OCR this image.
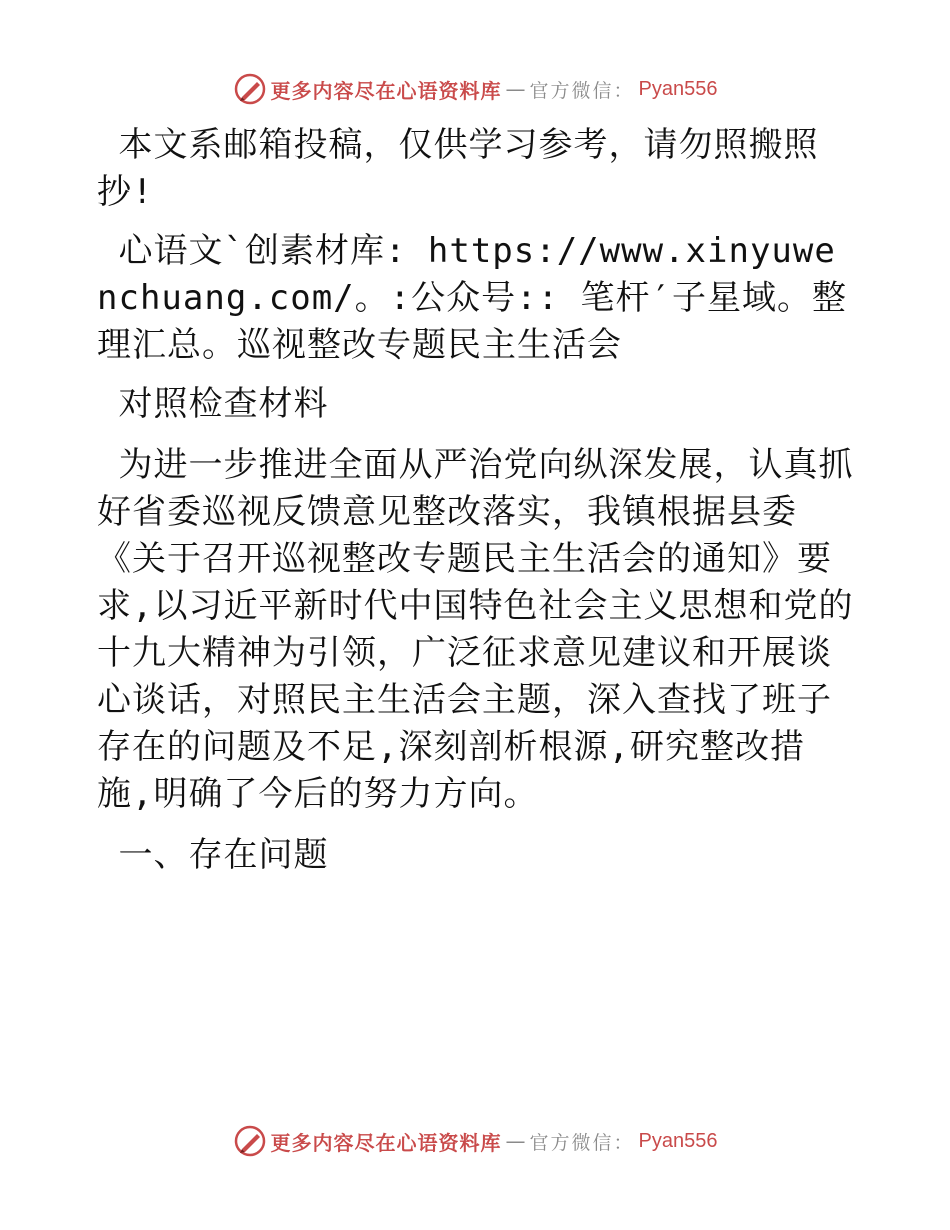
更多内容尽在心语资料库 — 官方微信： Pyan556

本文系邮箱投稿，仅供学习参考，请勿照搬照抄!

心语文`创素材库: https://www.xinyuwenchuang.com/。:公众号:: 笔杆′子星域。整理汇总。巡视整改专题民主生活会

对照检查材料

为进一步推进全面从严治党向纵深发展，认真抓好省委巡视反馈意见整改落实，我镇根据县委《关于召开巡视整改专题民主生活会的通知》要求,以习近平新时代中国特色社会主义思想和党的十九大精神为引领，广泛征求意见建议和开展谈心谈话，对照民主生活会主题，深入查找了班子存在的问题及不足,深刻剖析根源,研究整改措施,明确了今后的努力方向。

一、存在问题

更多内容尽在心语资料库 — 官方微信： Pyan556
